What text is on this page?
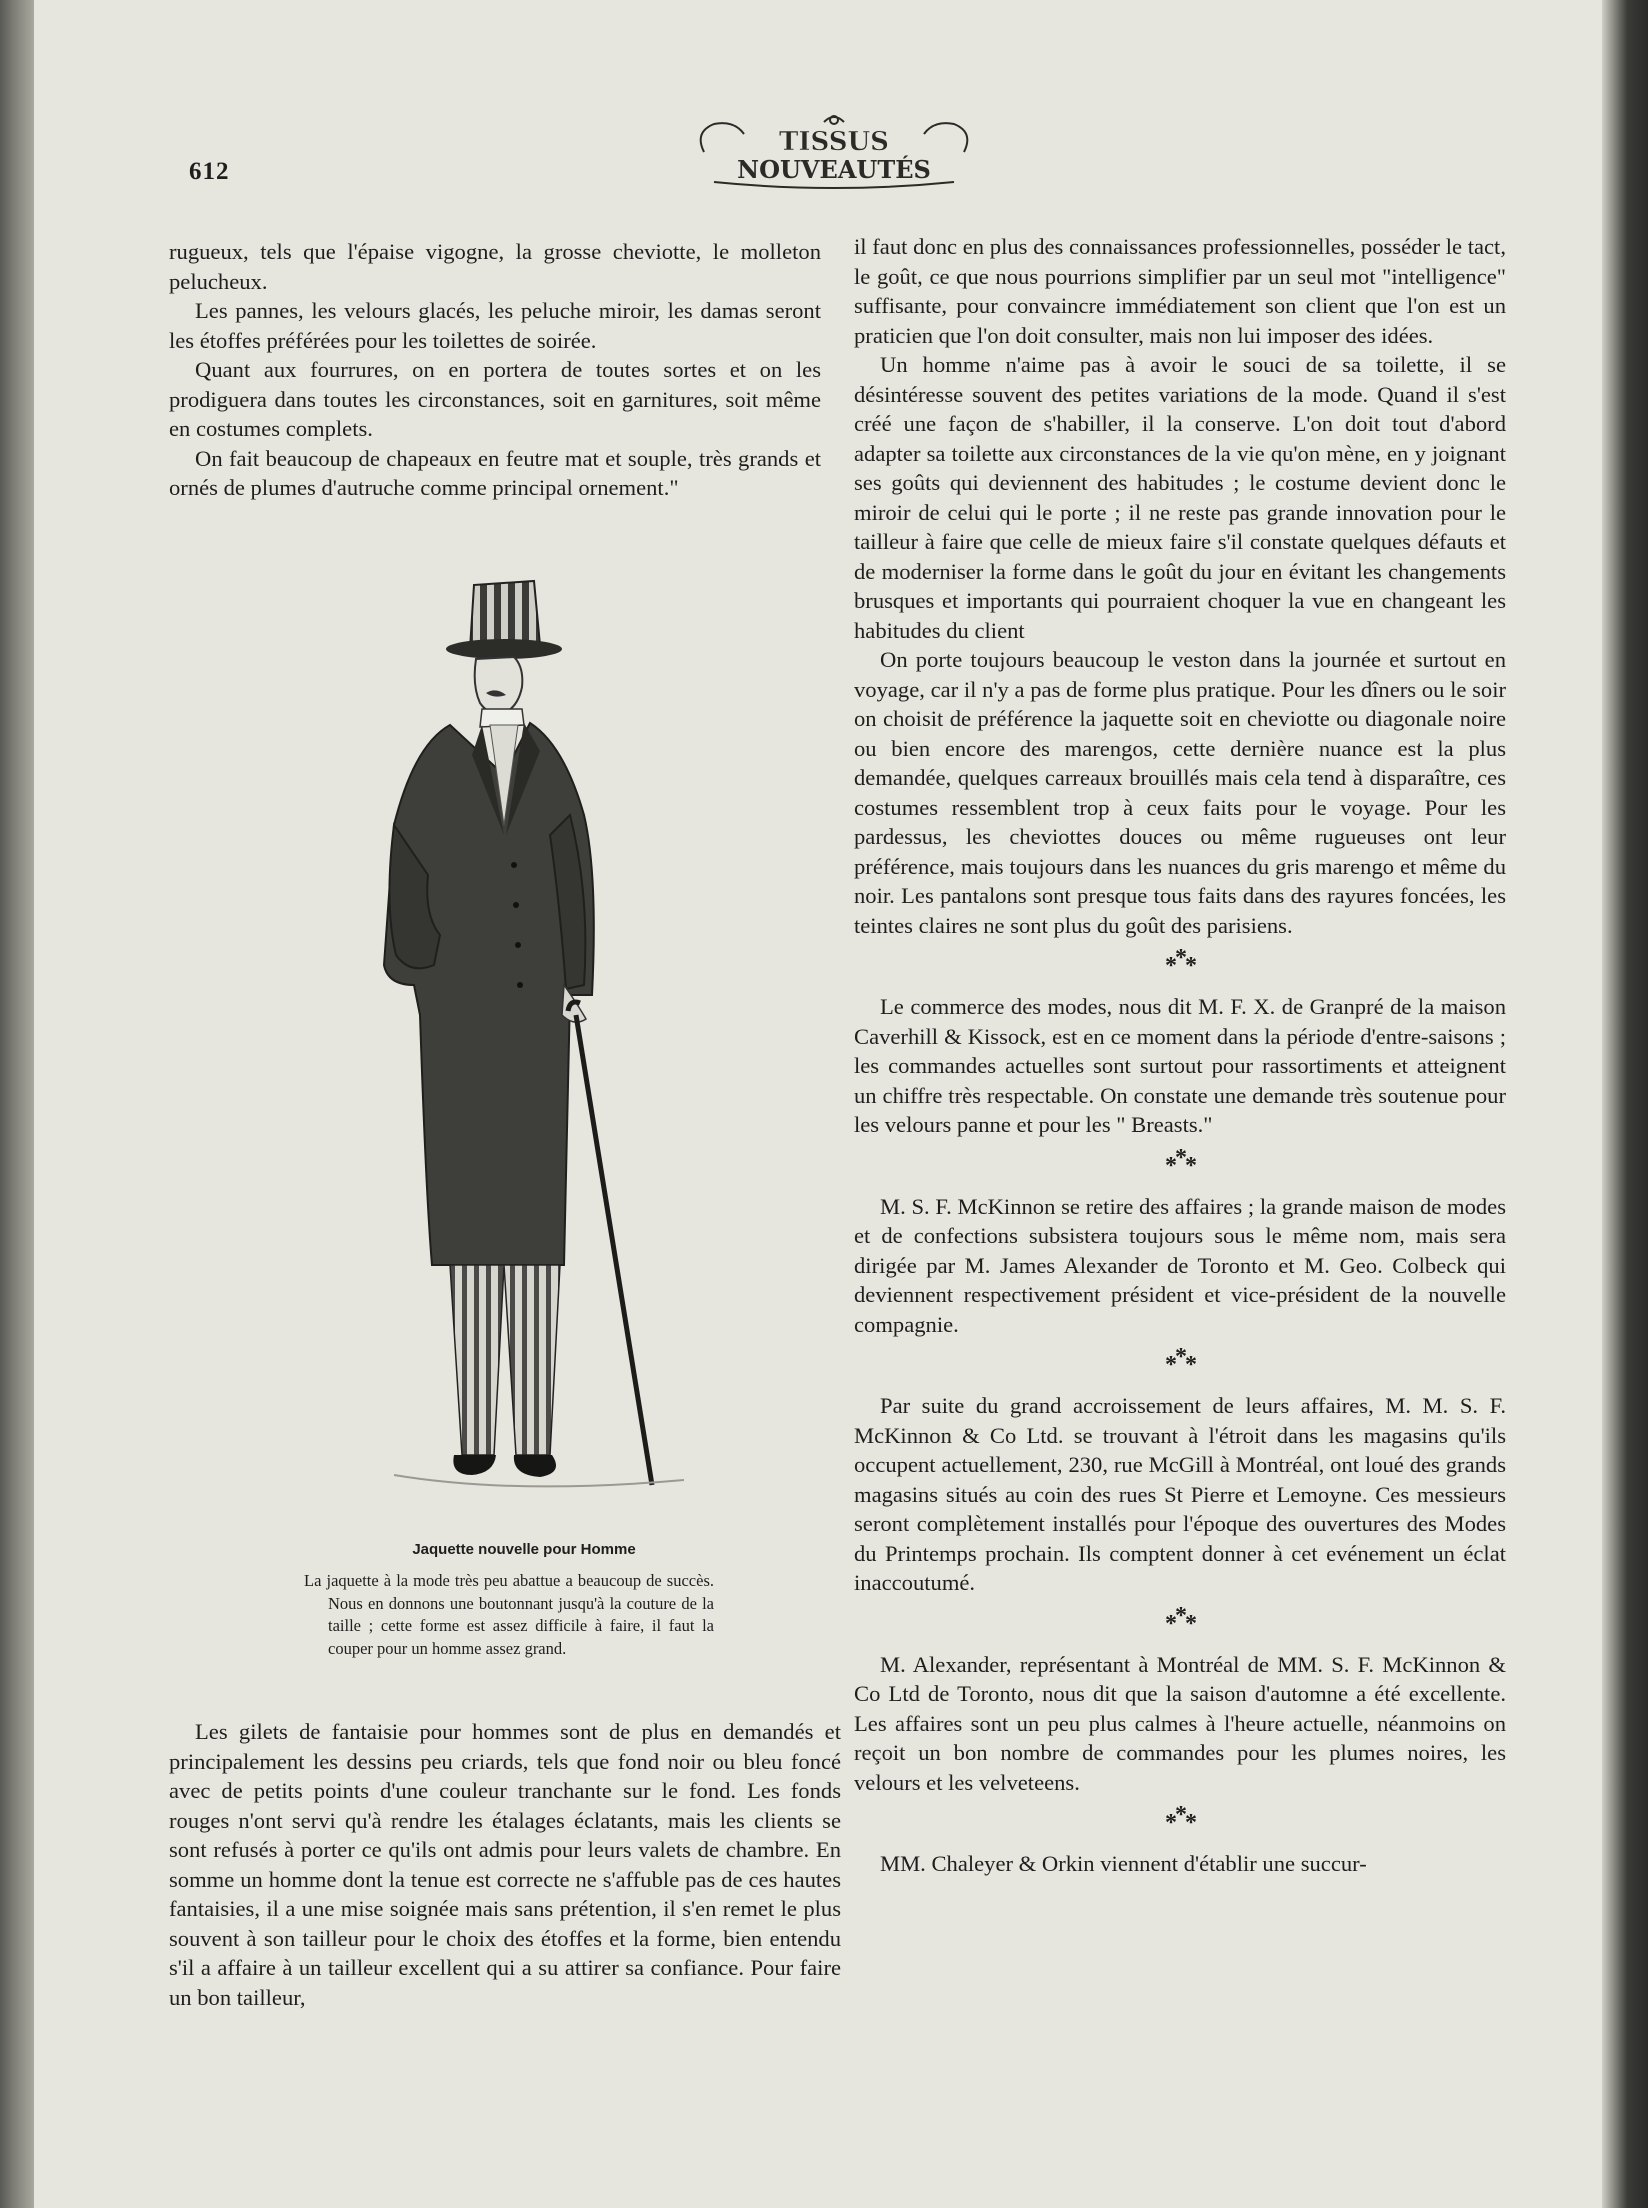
612
TISSUS
NOUVEAUTÉS

rugueux, tels que l'épaise vigogne, la grosse cheviotte, le molleton pelucheux.

Les pannes, les velours glacés, les peluche miroir, les damas seront les étoffes préférées pour les toilettes de soirée.

Quant aux fourrures, on en portera de toutes sortes et on les prodiguera dans toutes les circonstances, soit en garnitures, soit même en costumes complets.

On fait beaucoup de chapeaux en feutre mat et souple, très grands et ornés de plumes d'autruche comme principal ornement."

Jaquette nouvelle pour Homme

La jaquette à la mode très peu abattue a beaucoup de succès. Nous en donnons une boutonnant jusqu'à la couture de la taille ; cette forme est assez difficile à faire, il faut la couper pour un homme assez grand.

Les gilets de fantaisie pour hommes sont de plus en demandés et principalement les dessins peu criards, tels que fond noir ou bleu foncé avec de petits points d'une couleur tranchante sur le fond. Les fonds rouges n'ont servi qu'à rendre les étalages éclatants, mais les clients se sont refusés à porter ce qu'ils ont admis pour leurs valets de chambre. En somme un homme dont la tenue est correcte ne s'affuble pas de ces hautes fantaisies, il a une mise soignée mais sans prétention, il s'en remet le plus souvent à son tailleur pour le choix des étoffes et la forme, bien entendu s'il a affaire à un tailleur excellent qui a su attirer sa confiance. Pour faire un bon tailleur,

il faut donc en plus des connaissances professionnelles, posséder le tact, le goût, ce que nous pourrions simplifier par un seul mot "intelligence" suffisante, pour convaincre immédiatement son client que l'on est un praticien que l'on doit consulter, mais non lui imposer des idées.

Un homme n'aime pas à avoir le souci de sa toilette, il se désintéresse souvent des petites variations de la mode. Quand il s'est créé une façon de s'habiller, il la conserve. L'on doit tout d'abord adapter sa toilette aux circonstances de la vie qu'on mène, en y joignant ses goûts qui deviennent des habitudes ; le costume devient donc le miroir de celui qui le porte ; il ne reste pas grande innovation pour le tailleur à faire que celle de mieux faire s'il constate quelques défauts et de moderniser la forme dans le goût du jour en évitant les changements brusques et importants qui pourraient choquer la vue en changeant les habitudes du client

On porte toujours beaucoup le veston dans la journée et surtout en voyage, car il n'y a pas de forme plus pratique. Pour les dîners ou le soir on choisit de préférence la jaquette soit en cheviotte ou diagonale noire ou bien encore des marengos, cette dernière nuance est la plus demandée, quelques carreaux brouillés mais cela tend à disparaître, ces costumes ressemblent trop à ceux faits pour le voyage. Pour les pardessus, les cheviottes douces ou même rugueuses ont leur préférence, mais toujours dans les nuances du gris marengo et même du noir. Les pantalons sont presque tous faits dans des rayures foncées, les teintes claires ne sont plus du goût des parisiens.

***

Le commerce des modes, nous dit M. F. X. de Granpré de la maison Caverhill & Kissock, est en ce moment dans la période d'entre-saisons ; les commandes actuelles sont surtout pour rassortiments et atteignent un chiffre très respectable. On constate une demande très soutenue pour les velours panne et pour les " Breasts."

***

M. S. F. McKinnon se retire des affaires ; la grande maison de modes et de confections subsistera toujours sous le même nom, mais sera dirigée par M. James Alexander de Toronto et M. Geo. Colbeck qui deviennent respectivement président et vice-président de la nouvelle compagnie.

***

Par suite du grand accroissement de leurs affaires, M. M. S. F. McKinnon & Co Ltd. se trouvant à l'étroit dans les magasins qu'ils occupent actuellement, 230, rue McGill à Montréal, ont loué des grands magasins situés au coin des rues St Pierre et Lemoyne. Ces messieurs seront complètement installés pour l'époque des ouvertures des Modes du Printemps prochain. Ils comptent donner à cet evénement un éclat inaccoutumé.

***

M. Alexander, représentant à Montréal de MM. S. F. McKinnon & Co Ltd de Toronto, nous dit que la saison d'automne a été excellente. Les affaires sont un peu plus calmes à l'heure actuelle, néanmoins on reçoit un bon nombre de commandes pour les plumes noires, les velours et les velveteens.

***

MM. Chaleyer & Orkin viennent d'établir une succur-
